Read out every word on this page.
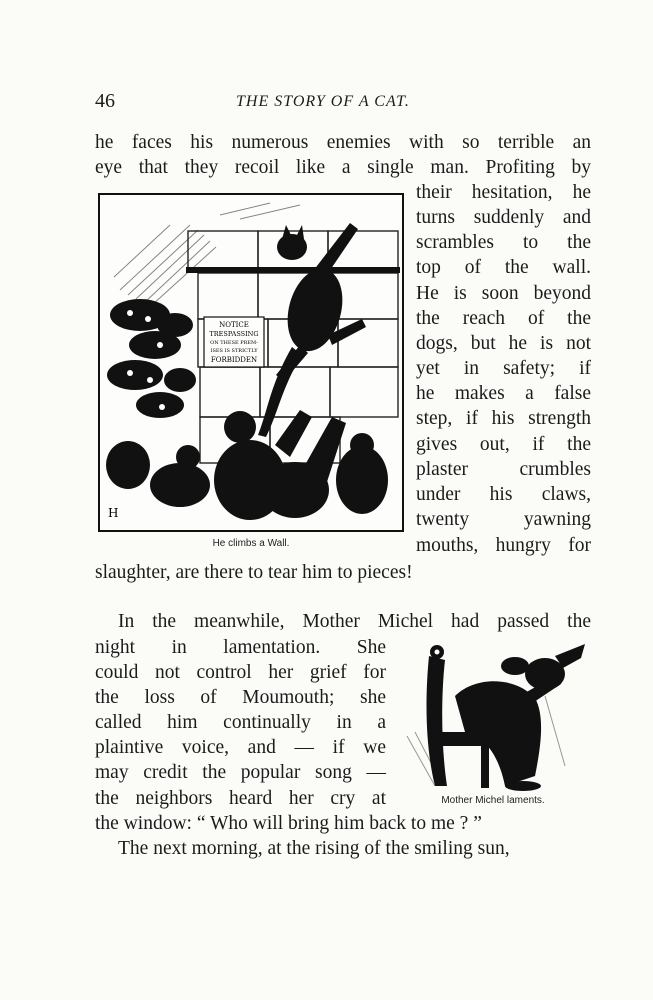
46	THE STORY OF A CAT.
he faces his numerous enemies with so terrible an
eye that they recoil like a single man. Profiting by
their hesitation, he
turns suddenly and
scrambles to the
top of the wall.
He is soon beyond
the reach of the
dogs, but he is not
yet in safety; if
he makes a false
step, if his strength
gives out, if the
plaster crumbles
under his claws,
twenty yawning
mouths, hungry for
slaughter, are there to tear him to pieces!
In the meanwhile, Mother Michel had passed the
night in lamentation. She
could not control her grief for
the loss of Moumouth; she
called him continually in a
plaintive voice, and — if we
may credit the popular song —
the neighbors heard her cry at
the window: “ Who will bring him back to me ? ”
The next morning, at the rising of the smiling sun,
NOTICE
TRESPASSING
ON THESE PREM-
ISES IS STRICTLY
FORBIDDEN
H
He climbs a Wall.
Mother Michel laments.
